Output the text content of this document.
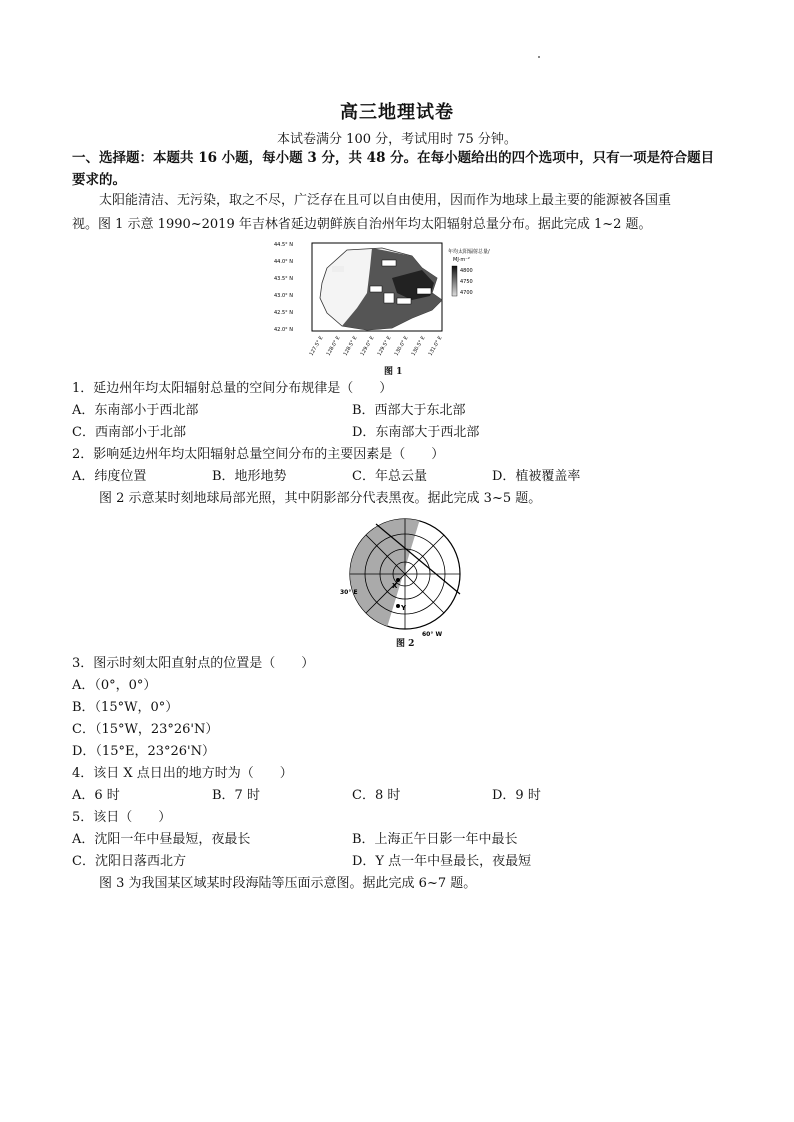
高三地理试卷
本试卷满分 100 分，考试用时 75 分钟。
一、选择题：本题共 16 小题，每小题 3 分，共 48 分。在每小题给出的四个选项中，只有一项是符合题目
要求的。
太阳能清洁、无污染，取之不尽，广泛存在且可以自由使用，因而作为地球上最主要的能源被各国重
视。图 1 示意 1990~2019 年吉林省延边朝鲜族自治州年均太阳辐射总量分布。据此完成 1~2 题。
44.5° N
44.0° N
43.5° N
43.0° N
42.5° N
42.0° N
127.5° E 128.0° E 128.5° E 129.0° E 129.5° E 130.0° E 130.5° E 131.0° E
年均太阳辐射总量/
MJ·m⁻²
4800
4750
4700
图 1
1．延边州年均太阳辐射总量的空间分布规律是（　　）
A．东南部小于西北部	B．西部大于东北部
C．西南部小于北部	D．东南部大于西北部
2．影响延边州年均太阳辐射总量空间分布的主要因素是（　　）
A．纬度位置	B．地形地势	C．年总云量	D．植被覆盖率
图 2 示意某时刻地球局部光照，其中阴影部分代表黑夜。据此完成 3~5 题。
X
Y
30° E
60° W
图 2
3．图示时刻太阳直射点的位置是（　　）
A．（0°，0°）
B．（15°W，0°）
C．（15°W，23°26'N）
D．（15°E，23°26'N）
4．该日 X 点日出的地方时为（　　）
A．6 时	B．7 时	C．8 时	D．9 时
5．该日（　　）
A．沈阳一年中昼最短，夜最长	B．上海正午日影一年中最长
C．沈阳日落西北方	D．Y 点一年中昼最长，夜最短
图 3 为我国某区域某时段海陆等压面示意图。据此完成 6~7 题。
